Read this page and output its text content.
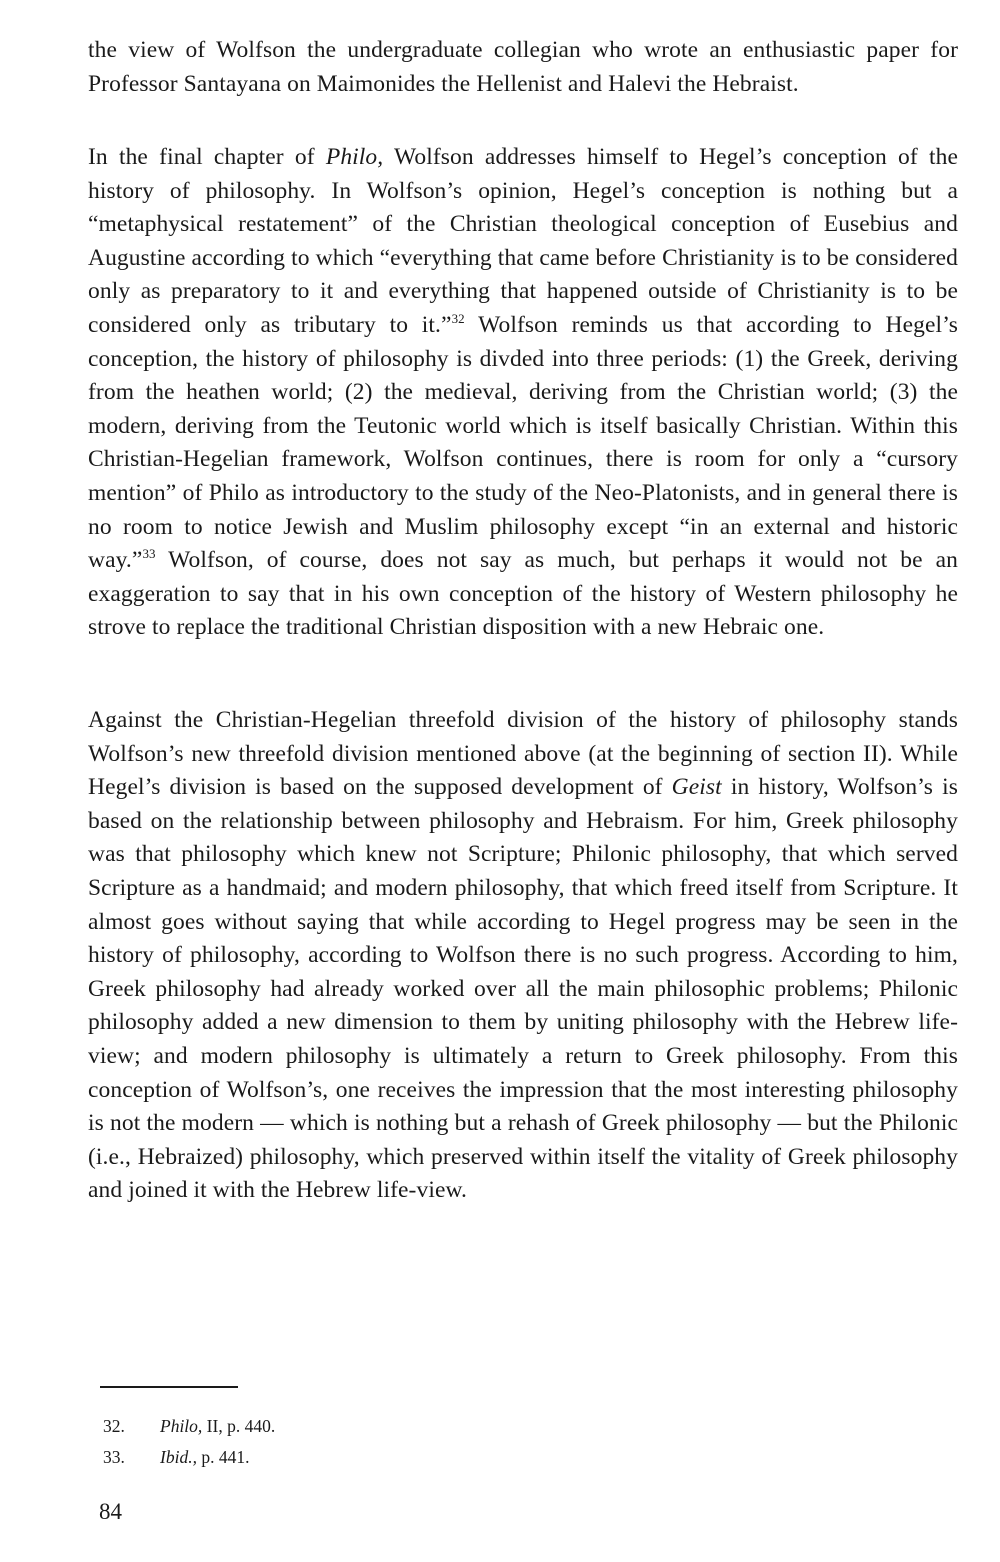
the view of Wolfson the undergraduate collegian who wrote an enthusiastic paper for Professor Santayana on Maimonides the Hellenist and Halevi the Hebraist.

In the final chapter of Philo, Wolfson addresses himself to Hegel’s conception of the history of philosophy. In Wolfson’s opinion, Hegel’s conception is nothing but a “metaphysical restatement” of the Christian theological conception of Eusebius and Augustine according to which “everything that came before Christianity is to be considered only as preparatory to it and everything that happened outside of Christianity is to be considered only as tributary to it.”$^{32}$ Wolfson reminds us that according to Hegel’s conception, the history of philosophy is divded into three periods: (1) the Greek, deriving from the heathen world; (2) the medieval, deriving from the Christian world; (3) the modern, deriving from the Teutonic world which is itself basically Christian. Within this Christian-Hegelian framework, Wolfson continues, there is room for only a “cursory mention” of Philo as introductory to the study of the Neo-Platonists, and in general there is no room to notice Jewish and Muslim philosophy except “in an external and historic way.”$^{33}$ Wolfson, of course, does not say as much, but perhaps it would not be an exaggeration to say that in his own conception of the history of Western philosophy he strove to replace the traditional Christian disposition with a new Hebraic one.

Against the Christian-Hegelian threefold division of the history of philosophy stands Wolfson’s new threefold division mentioned above (at the beginning of section II). While Hegel’s division is based on the supposed development of Geist in history, Wolfson’s is based on the relationship between philosophy and Hebraism. For him, Greek philosophy was that philosophy which knew not Scripture; Philonic philosophy, that which served Scripture as a handmaid; and modern philosophy, that which freed itself from Scripture. It almost goes without saying that while according to Hegel progress may be seen in the history of philosophy, according to Wolfson there is no such progress. According to him, Greek philosophy had already worked over all the main philosophic problems; Philonic philosophy added a new dimension to them by uniting philosophy with the Hebrew life-view; and modern philosophy is ultimately a return to Greek philosophy. From this conception of Wolfson’s, one receives the impression that the most interesting philosophy is not the modern — which is nothing but a rehash of Greek philosophy — but the Philonic (i.e., Hebraized) philosophy, which preserved within itself the vitality of Greek philosophy and joined it with the Hebrew life-view.

32.	Philo, II, p. 440.
33.	Ibid., p. 441.
84
